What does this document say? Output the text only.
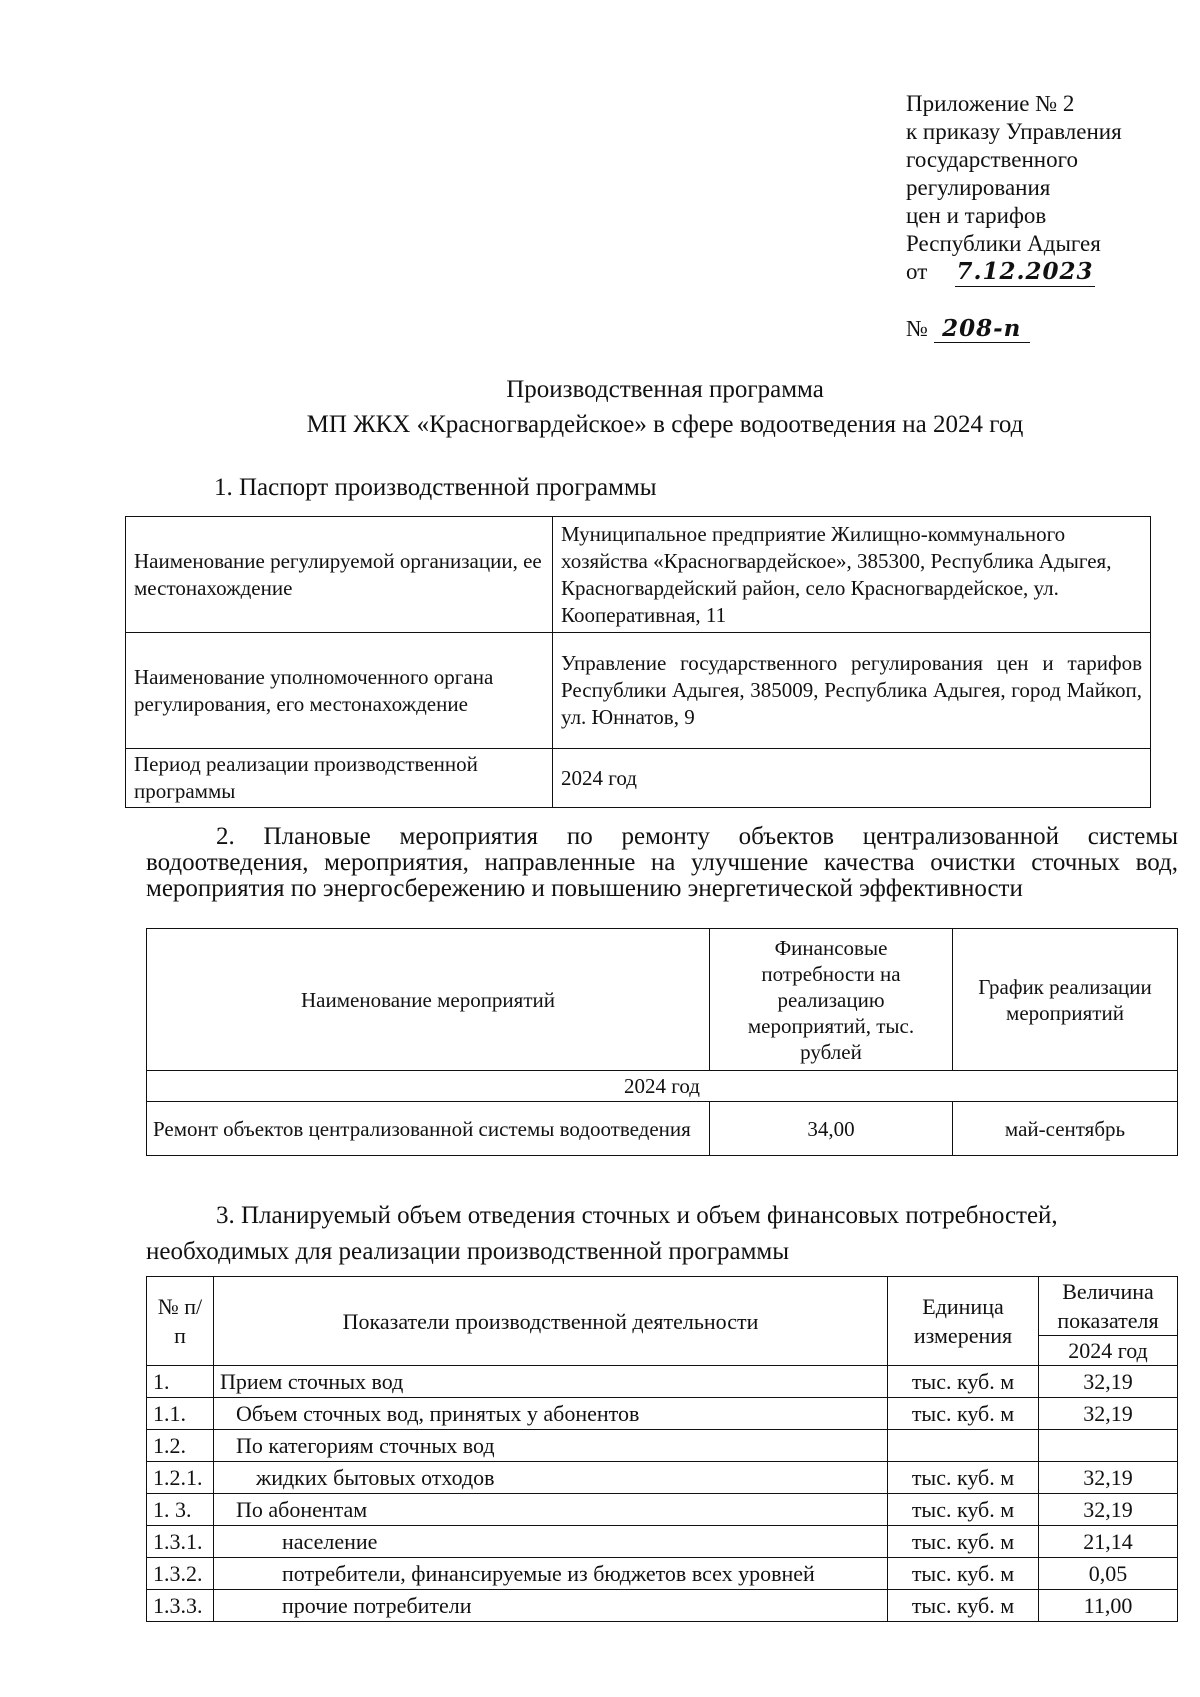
Приложение № 2
к приказу Управления
государственного
регулирования
цен и тарифов
Республики Адыгея
от 7.12.2023
№ 208-п
Производственная программа
МП ЖКХ «Красногвардейское» в сфере водоотведения на 2024 год
1. Паспорт производственной программы
Наименование регулируемой организации, ее местонахождение	Муниципальное предприятие Жилищно-коммунального хозяйства «Красногвардейское», 385300, Республика Адыгея, Красногвардейский район, село Красногвардейское, ул. Кооперативная, 11
Наименование уполномоченного органа регулирования, его местонахождение	Управление государственного регулирования цен и тарифов Республики Адыгея, 385009, Республика Адыгея, город Майкоп, ул. Юннатов, 9
Период реализации производственной программы	2024 год
2. Плановые мероприятия по ремонту объектов централизованной системы водоотведения, мероприятия, направленные на улучшение качества очистки сточных вод, мероприятия по энергосбережению и повышению энергетической эффективности
Наименование мероприятий	Финансовые потребности на реализацию мероприятий, тыс. рублей	График реализации мероприятий
2024 год		
Ремонт объектов централизованной системы водоотведения	34,00	май-сентябрь
3. Планируемый объем отведения сточных и объем финансовых потребностей, необходимых для реализации производственной программы
№ п/п	Показатели производственной деятельности	Единица измерения	Величина показателя
			2024 год
1.	Прием сточных вод	тыс. куб. м	32,19
1.1.	Объем сточных вод, принятых у абонентов	тыс. куб. м	32,19
1.2.	По категориям сточных вод		
1.2.1.	жидких бытовых отходов	тыс. куб. м	32,19
1. 3.	По абонентам	тыс. куб. м	32,19
1.3.1.	население	тыс. куб. м	21,14
1.3.2.	потребители, финансируемые из бюджетов всех уровней	тыс. куб. м	0,05
1.3.3.	прочие потребители	тыс. куб. м	11,00
